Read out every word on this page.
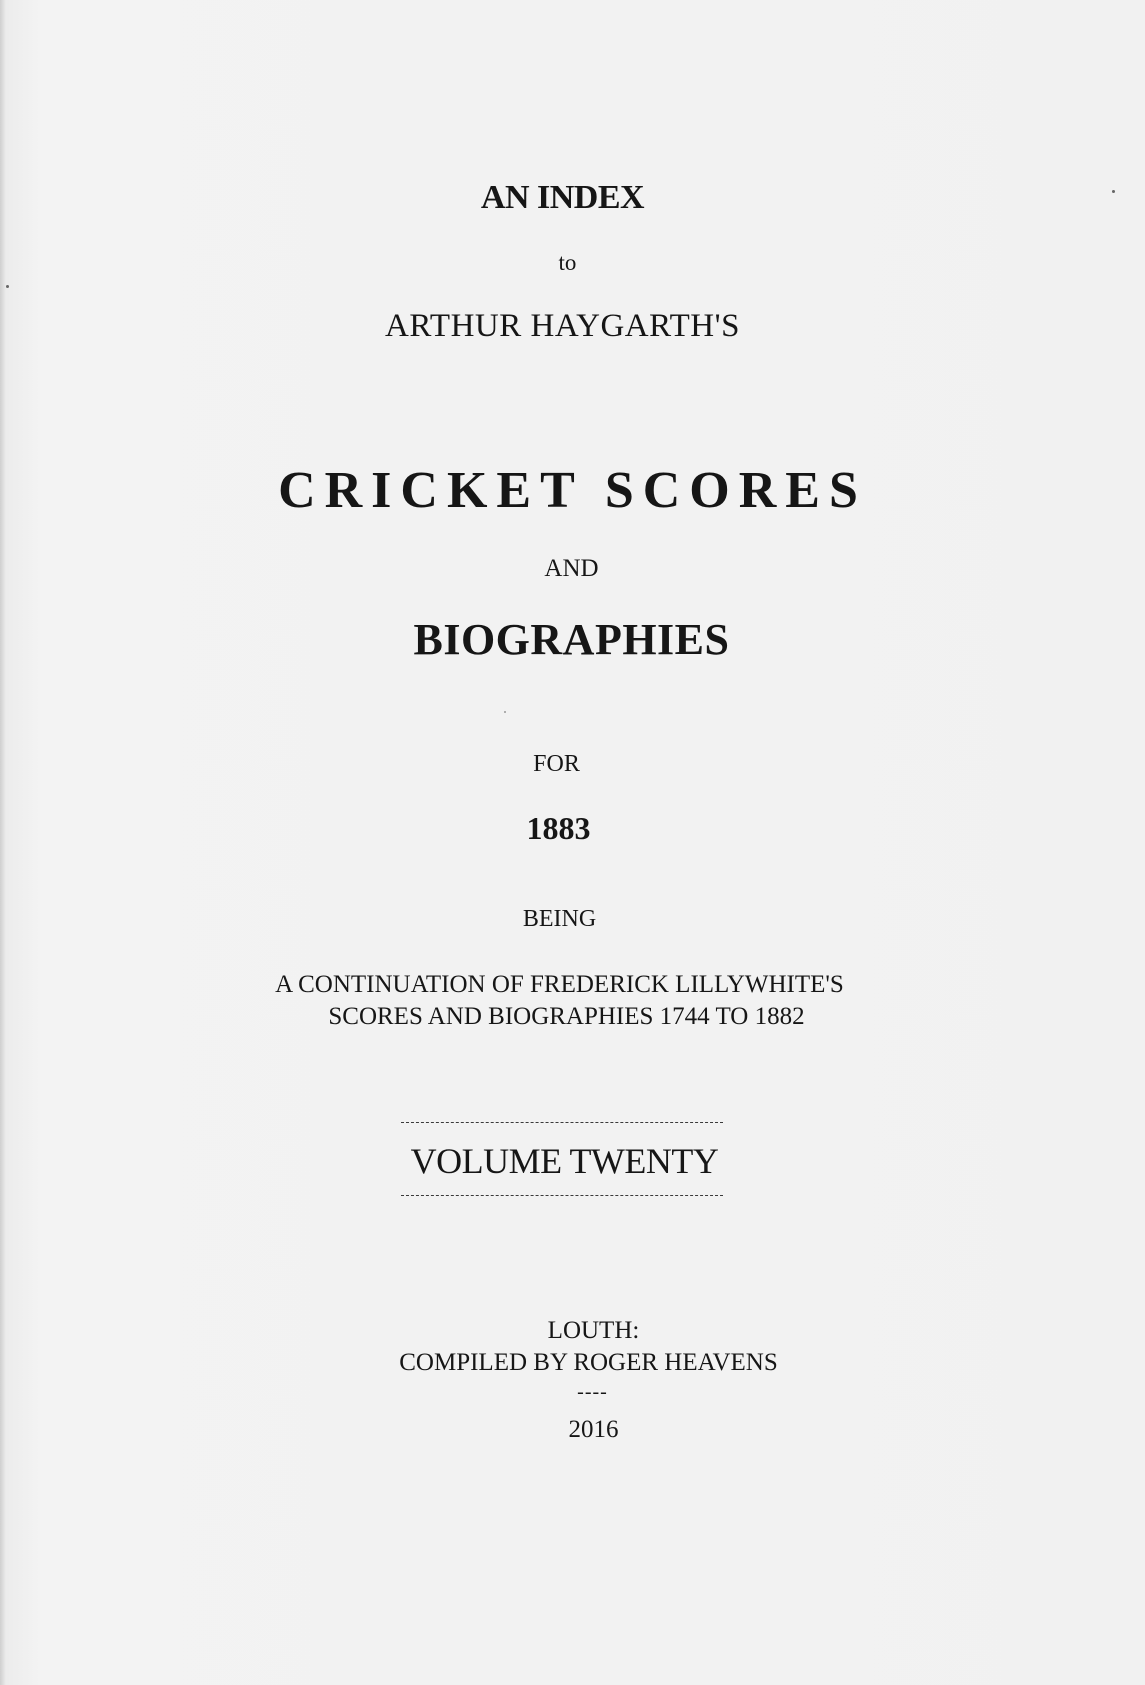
AN INDEX
to
ARTHUR HAYGARTH'S
CRICKET SCORES
AND
BIOGRAPHIES
FOR
1883
BEING
A CONTINUATION OF FREDERICK LILLYWHITE'S
SCORES AND BIOGRAPHIES 1744 TO 1882
VOLUME TWENTY
LOUTH:
COMPILED BY ROGER HEAVENS
----
2016
